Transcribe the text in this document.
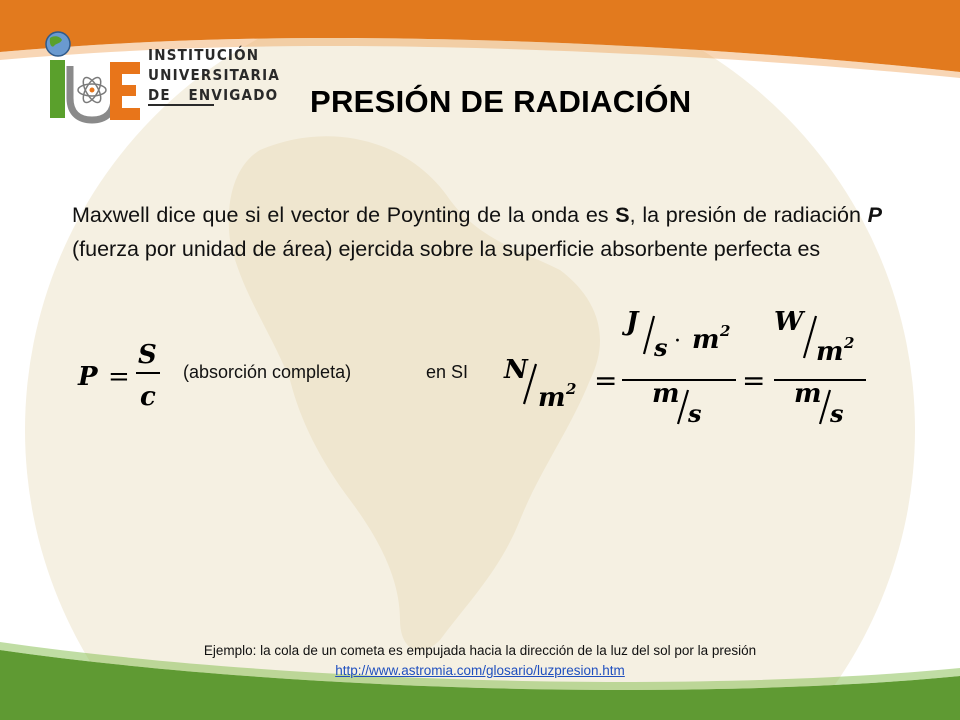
INSTITUCIÓN
UNIVERSITARIA
DE   ENVIGADO PRESIÓN DE RADIACIÓN
Maxwell dice que si el vector de Poynting de la onda es S, la presión de radiación P (fuerza por unidad de área) ejercida sobre la superficie absorbente perfecta es
P =
S
c
(absorción completa)	en SI N
m 2 =
J
s · m 2
m
s
=
W
m 2
m
s
Ejemplo: la cola de un cometa es empujada hacia la dirección de la luz del sol por la presión
http://www.astromia.com/glosario/luzpresion.htm
